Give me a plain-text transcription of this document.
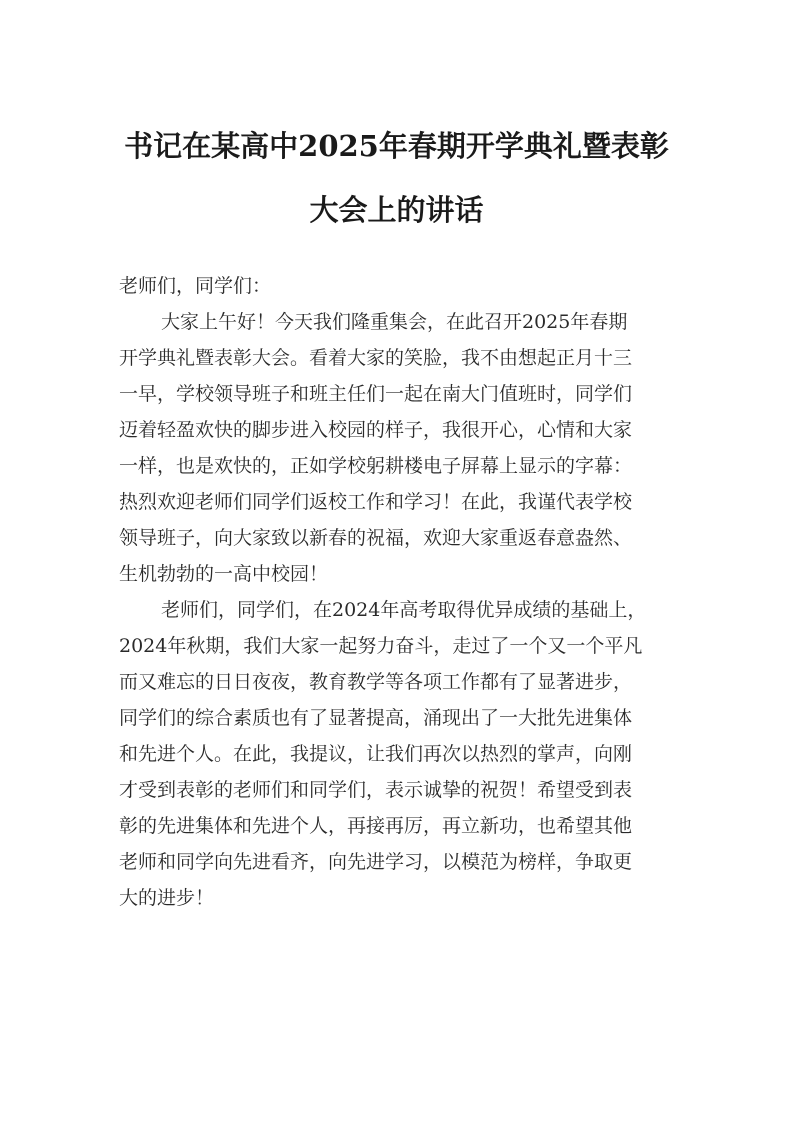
书记在某高中2025年春期开学典礼暨表彰
大会上的讲话
老师们，同学们：
大家上午好！今天我们隆重集会，在此召开2025年春期
开学典礼暨表彰大会。看着大家的笑脸，我不由想起正月十三
一早，学校领导班子和班主任们一起在南大门值班时，同学们
迈着轻盈欢快的脚步进入校园的样子，我很开心，心情和大家
一样，也是欢快的，正如学校躬耕楼电子屏幕上显示的字幕：
热烈欢迎老师们同学们返校工作和学习！在此，我谨代表学校
领导班子，向大家致以新春的祝福，欢迎大家重返春意盎然、
生机勃勃的一高中校园！
老师们，同学们，在2024年高考取得优异成绩的基础上，
2024年秋期，我们大家一起努力奋斗，走过了一个又一个平凡
而又难忘的日日夜夜，教育教学等各项工作都有了显著进步，
同学们的综合素质也有了显著提高，涌现出了一大批先进集体
和先进个人。在此，我提议，让我们再次以热烈的掌声，向刚
才受到表彰的老师们和同学们，表示诚挚的祝贺！希望受到表
彰的先进集体和先进个人，再接再厉，再立新功，也希望其他
老师和同学向先进看齐，向先进学习，以模范为榜样，争取更
大的进步！
